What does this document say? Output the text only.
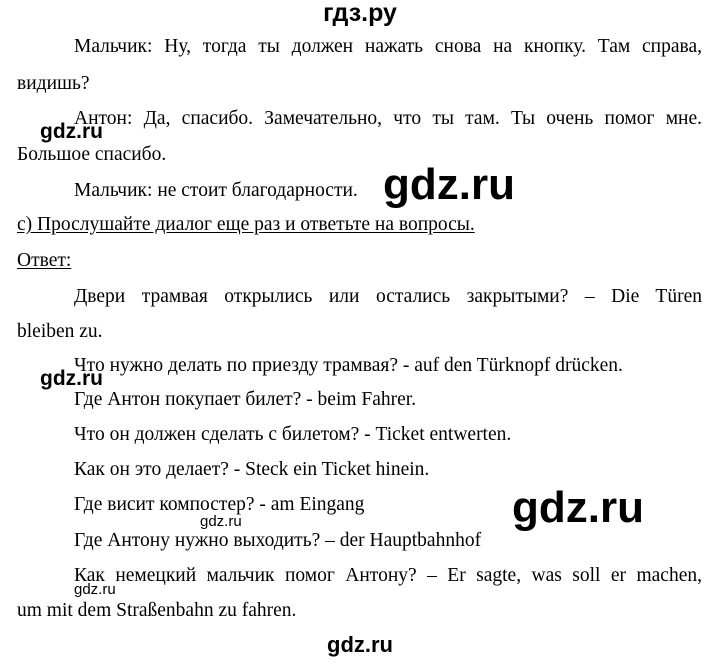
гдз.ру
Мальчик: Ну, тогда ты должен нажать снова на кнопку. Там справа,
видишь?
Антон: Да, спасибо. Замечательно, что ты там. Ты очень помог мне.
Большое спасибо.
Мальчик: не стоит благодарности.
c) Прослушайте диалог еще раз и ответьте на вопросы.
Ответ:
Двери трамвая открылись или остались закрытыми? – Die Türen
bleiben zu.
Что нужно делать по приезду трамвая? - auf den Türknopf drücken.
Где Антон покупает билет? - beim Fahrer.
Что он должен сделать с билетом? - Ticket entwerten.
Как он это делает? - Steck ein Ticket hinein.
Где висит компостер? - am Eingang
Где Антону нужно выходить? – der Hauptbahnhof
Как немецкий мальчик помог Антону? – Er sagte, was soll er machen,
um mit dem Straßenbahn zu fahren.
gdz.ru
gdz.ru
gdz.ru
gdz.ru
gdz.ru
gdz.ru
gdz.ru
